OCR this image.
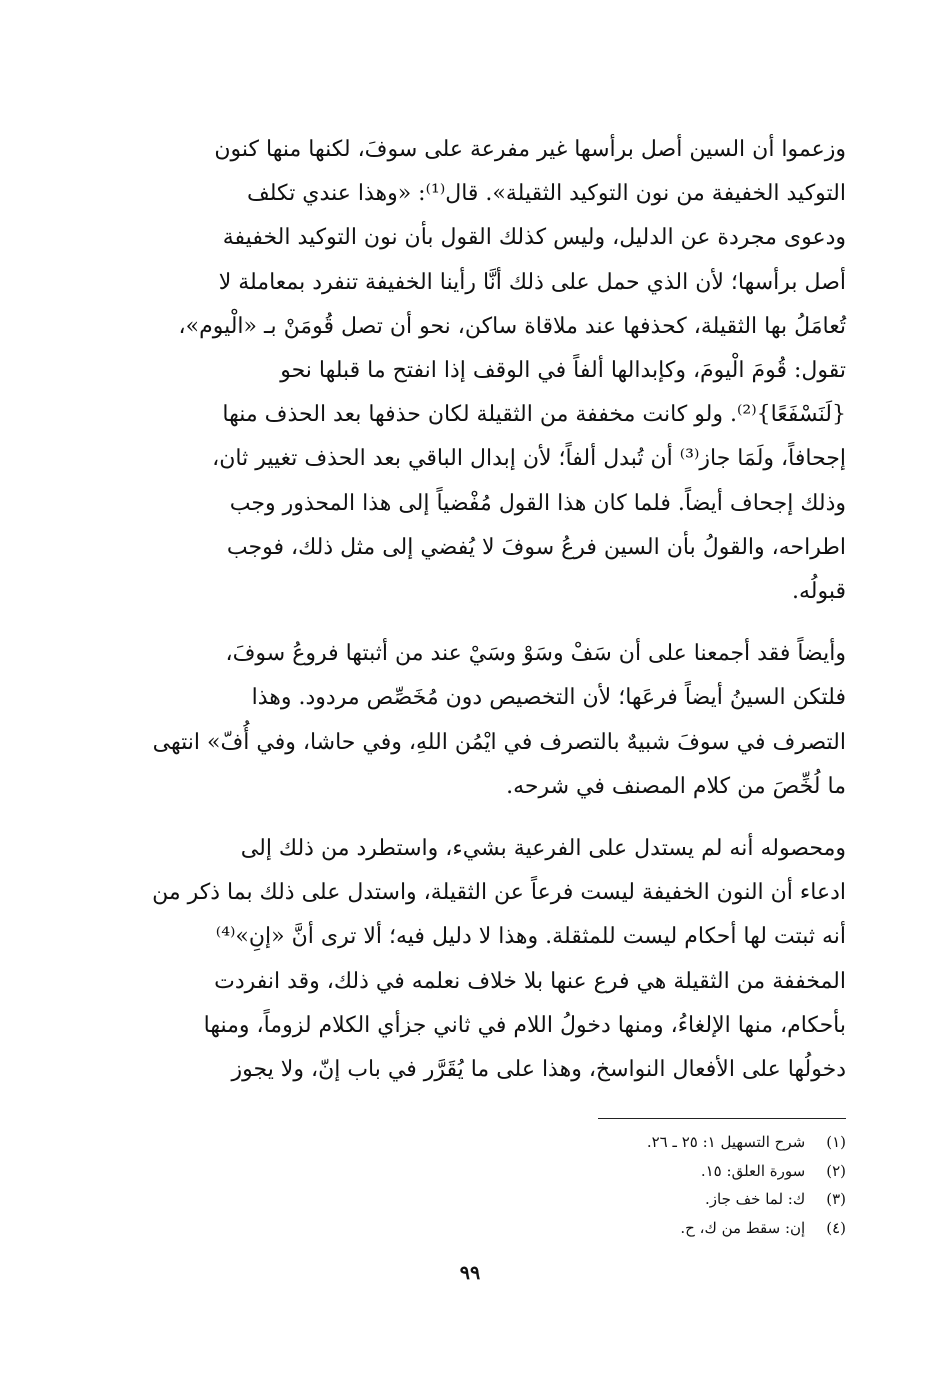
وزعموا أن السين أصل برأسها غير مفرعة على سوفَ، لكنها منها كنون
التوكيد الخفيفة من نون التوكيد الثقيلة». قال⁽¹⁾: «وهذا عندي تكلف
ودعوى مجردة عن الدليل، وليس كذلك القول بأن نون التوكيد الخفيفة
أصل برأسها؛ لأن الذي حمل على ذلك أنَّا رأينا الخفيفة تنفرد بمعاملة لا
تُعامَلُ بها الثقيلة، كحذفها عند ملاقاة ساكن، نحو أن تصل قُومَنْ بـ «الْيوم»،
تقول: قُومَ الْيومَ، وكإبدالها ألفاً في الوقف إذا انفتح ما قبلها نحو
{لَنَسْفَعًا}⁽²⁾. ولو كانت مخففة من الثقيلة لكان حذفها بعد الحذف منها
إجحافاً، ولَمَا جاز⁽³⁾ أن تُبدل ألفاً؛ لأن إبدال الباقي بعد الحذف تغيير ثان،
وذلك إجحاف أيضاً. فلما كان هذا القول مُفْضياً إلى هذا المحذور وجب
اطراحه، والقولُ بأن السين فرعُ سوفَ لا يُفضي إلى مثل ذلك، فوجب
قبولُه.

وأيضاً فقد أجمعنا على أن سَفْ وسَوْ وسَيْ عند من أثبتها فروعُ سوفَ،
فلتكن السينُ أيضاً فرعَها؛ لأن التخصيص دون مُخَصِّص مردود. وهذا
التصرف في سوفَ شبيهٌ بالتصرف في ايْمُن اللهِ، وفي حاشا، وفي أُفّ» انتهى
ما لُخِّصَ من كلام المصنف في شرحه.

ومحصوله أنه لم يستدل على الفرعية بشيء، واستطرد من ذلك إلى
ادعاء أن النون الخفيفة ليست فرعاً عن الثقيلة، واستدل على ذلك بما ذكر من
أنه ثبتت لها أحكام ليست للمثقلة. وهذا لا دليل فيه؛ ألا ترى أنَّ «إنِ»⁽⁴⁾
المخففة من الثقيلة هي فرع عنها بلا خلاف نعلمه في ذلك، وقد انفردت
بأحكام، منها الإلغاءُ، ومنها دخولُ اللام في ثاني جزأي الكلام لزوماً، ومنها
دخولُها على الأفعال النواسخ، وهذا على ما يُقَرَّر في باب إنّ، ولا يجوز

(١) شرح التسهيل ١: ٢٥ ـ ٢٦.
(٢) سورة العلق: ١٥.
(٣) ك: لما خف جاز.
(٤) إن: سقط من ك، ح.
٩٩
